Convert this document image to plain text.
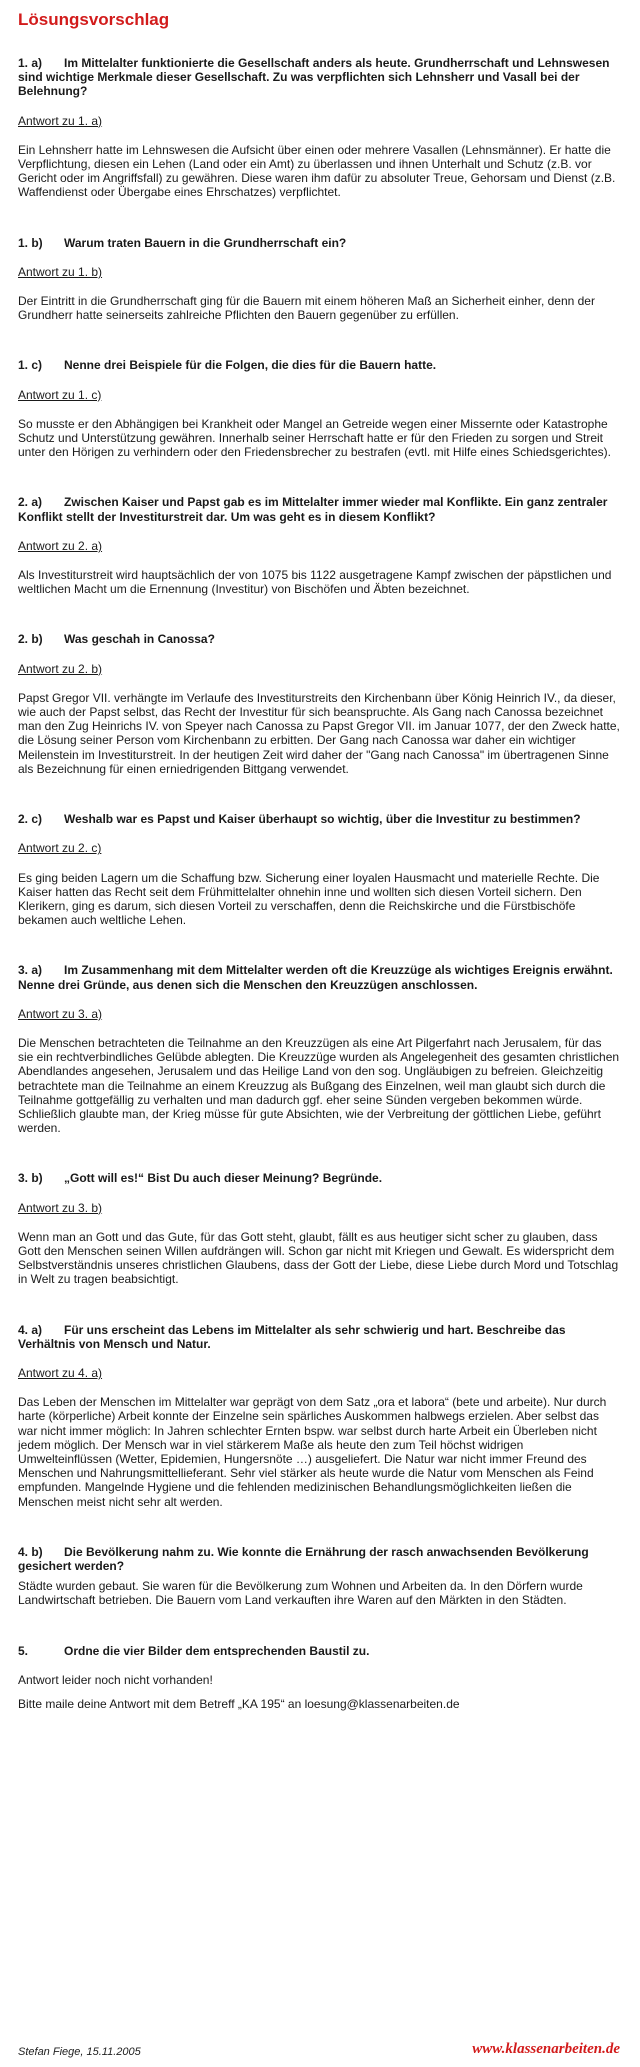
Lösungsvorschlag

1. a) Im Mittelalter funktionierte die Gesellschaft anders als heute. Grundherrschaft und Lehnswesen sind wichtige Merkmale dieser Gesellschaft. Zu was verpflichten sich Lehnsherr und Vasall bei der Belehnung?

Antwort zu 1. a)

Ein Lehnsherr hatte im Lehnswesen die Aufsicht über einen oder mehrere Vasallen (Lehnsmänner). Er hatte die Verpflichtung, diesen ein Lehen (Land oder ein Amt) zu überlassen und ihnen Unterhalt und Schutz (z.B. vor Gericht oder im Angriffsfall) zu gewähren. Diese waren ihm dafür zu absoluter Treue, Gehorsam und Dienst (z.B. Waffendienst oder Übergabe eines Ehrschatzes) verpflichtet.

1. b) Warum traten Bauern in die Grundherrschaft ein?

Antwort zu 1. b)

Der Eintritt in die Grundherrschaft ging für die Bauern mit einem höheren Maß an Sicherheit einher, denn der Grundherr hatte seinerseits zahlreiche Pflichten den Bauern gegenüber zu erfüllen.

1. c) Nenne drei Beispiele für die Folgen, die dies für die Bauern hatte.

Antwort zu 1. c)

So musste er den Abhängigen bei Krankheit oder Mangel an Getreide wegen einer Missernte oder Katastrophe Schutz und Unterstützung gewähren. Innerhalb seiner Herrschaft hatte er für den Frieden zu sorgen und Streit unter den Hörigen zu verhindern oder den Friedensbrecher zu bestrafen (evtl. mit Hilfe eines Schiedsgerichtes).

2. a) Zwischen Kaiser und Papst gab es im Mittelalter immer wieder mal Konflikte. Ein ganz zentraler Konflikt stellt der Investiturstreit dar. Um was geht es in diesem Konflikt?

Antwort zu 2. a)

Als Investiturstreit wird hauptsächlich der von 1075 bis 1122 ausgetragene Kampf zwischen der päpstlichen und weltlichen Macht um die Ernennung (Investitur) von Bischöfen und Äbten bezeichnet.

2. b) Was geschah in Canossa?

Antwort zu 2. b)

Papst Gregor VII. verhängte im Verlaufe des Investiturstreits den Kirchenbann über König Heinrich IV., da dieser, wie auch der Papst selbst, das Recht der Investitur für sich beanspruchte. Als Gang nach Canossa bezeichnet man den Zug Heinrichs IV. von Speyer nach Canossa zu Papst Gregor VII. im Januar 1077, der den Zweck hatte, die Lösung seiner Person vom Kirchenbann zu erbitten. Der Gang nach Canossa war daher ein wichtiger Meilenstein im Investiturstreit. In der heutigen Zeit wird daher der "Gang nach Canossa" im übertragenen Sinne als Bezeichnung für einen erniedrigenden Bittgang verwendet.

2. c) Weshalb war es Papst und Kaiser überhaupt so wichtig, über die Investitur zu bestimmen?

Antwort zu 2. c)

Es ging beiden Lagern um die Schaffung bzw. Sicherung einer loyalen Hausmacht und materielle Rechte. Die Kaiser hatten das Recht seit dem Frühmittelalter ohnehin inne und wollten sich diesen Vorteil sichern. Den Klerikern, ging es darum, sich diesen Vorteil zu verschaffen, denn die Reichskirche und die Fürstbischöfe bekamen auch weltliche Lehen.

3. a) Im Zusammenhang mit dem Mittelalter werden oft die Kreuzzüge als wichtiges Ereignis erwähnt. Nenne drei Gründe, aus denen sich die Menschen den Kreuzzügen anschlossen.

Antwort zu 3. a)

Die Menschen betrachteten die Teilnahme an den Kreuzzügen als eine Art Pilgerfahrt nach Jerusalem, für das sie ein rechtverbindliches Gelübde ablegten. Die Kreuzzüge wurden als Angelegenheit des gesamten christlichen Abendlandes angesehen, Jerusalem und das Heilige Land von den sog. Ungläubigen zu befreien. Gleichzeitig betrachtete man die Teilnahme an einem Kreuzzug als Bußgang des Einzelnen, weil man glaubt sich durch die Teilnahme gottgefällig zu verhalten und man dadurch ggf. eher seine Sünden vergeben bekommen würde. Schließlich glaubte man, der Krieg müsse für gute Absichten, wie der Verbreitung der göttlichen Liebe, geführt werden.

3. b) „Gott will es!“ Bist Du auch dieser Meinung? Begründe.

Antwort zu 3. b)

Wenn man an Gott und das Gute, für das Gott steht, glaubt, fällt es aus heutiger sicht scher zu glauben, dass Gott den Menschen seinen Willen aufdrängen will. Schon gar nicht mit Kriegen und Gewalt. Es widerspricht dem Selbstverständnis unseres christlichen Glaubens, dass der Gott der Liebe, diese Liebe durch Mord und Totschlag in Welt zu tragen beabsichtigt.

4. a) Für uns erscheint das Lebens im Mittelalter als sehr schwierig und hart. Beschreibe das Verhältnis von Mensch und Natur.

Antwort zu 4. a)

Das Leben der Menschen im Mittelalter war geprägt von dem Satz „ora et labora“ (bete und arbeite). Nur durch harte (körperliche) Arbeit konnte der Einzelne sein spärliches Auskommen halbwegs erzielen. Aber selbst das war nicht immer möglich: In Jahren schlechter Ernten bspw. war selbst durch harte Arbeit ein Überleben nicht jedem möglich. Der Mensch war in viel stärkerem Maße als heute den zum Teil höchst widrigen Umwelteinflüssen (Wetter, Epidemien, Hungersnöte …) ausgeliefert. Die Natur war nicht immer Freund des Menschen und Nahrungsmittellieferant. Sehr viel stärker als heute wurde die Natur vom Menschen als Feind empfunden. Mangelnde Hygiene und die fehlenden medizinischen Behandlungsmöglichkeiten ließen die Menschen meist nicht sehr alt werden.

4. b) Die Bevölkerung nahm zu. Wie konnte die Ernährung der rasch anwachsenden Bevölkerung gesichert werden?

Städte wurden gebaut. Sie waren für die Bevölkerung zum Wohnen und Arbeiten da. In den Dörfern wurde Landwirtschaft betrieben. Die Bauern vom Land verkauften ihre Waren auf den Märkten in den Städten.

5.	Ordne die vier Bilder dem entsprechenden Baustil zu.

Antwort leider noch nicht vorhanden!

Bitte maile deine Antwort mit dem Betreff „KA 195“ an loesung@klassenarbeiten.de

Stefan Fiege, 15.11.2005	www.klassenarbeiten.de
